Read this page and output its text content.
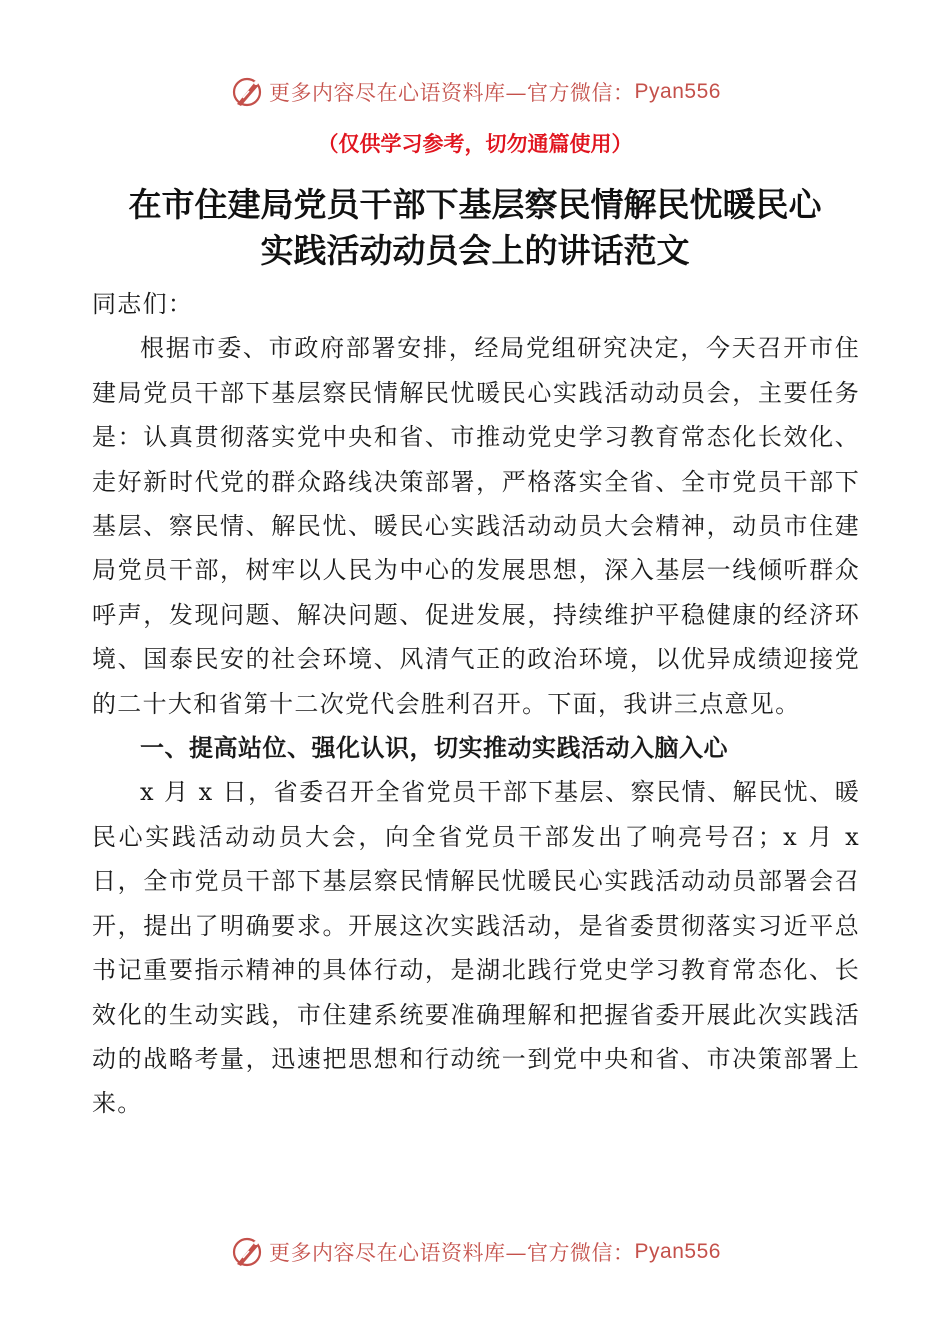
更多内容尽在心语资料库—官方微信： Pyan556
（仅供学习参考，切勿通篇使用）
在市住建局党员干部下基层察民情解民忧暖民心
实践活动动员会上的讲话范文

同志们：

根据市委、市政府部署安排，经局党组研究决定，今天召开市住建局党员干部下基层察民情解民忧暖民心实践活动动员会，主要任务是：认真贯彻落实党中央和省、市推动党史学习教育常态化长效化、走好新时代党的群众路线决策部署，严格落实全省、全市党员干部下基层、察民情、解民忧、暖民心实践活动动员大会精神，动员市住建局党员干部，树牢以人民为中心的发展思想，深入基层一线倾听群众呼声，发现问题、解决问题、促进发展，持续维护平稳健康的经济环境、国泰民安的社会环境、风清气正的政治环境，以优异成绩迎接党的二十大和省第十二次党代会胜利召开。下面，我讲三点意见。

一、提高站位、强化认识，切实推动实践活动入脑入心

x 月 x 日，省委召开全省党员干部下基层、察民情、解民忧、暖民心实践活动动员大会，向全省党员干部发出了响亮号召；x 月 x 日，全市党员干部下基层察民情解民忧暖民心实践活动动员部署会召开，提出了明确要求。开展这次实践活动，是省委贯彻落实习近平总书记重要指示精神的具体行动，是湖北践行党史学习教育常态化、长效化的生动实践，市住建系统要准确理解和把握省委开展此次实践活动的战略考量，迅速把思想和行动统一到党中央和省、市决策部署上来。

更多内容尽在心语资料库—官方微信： Pyan556
